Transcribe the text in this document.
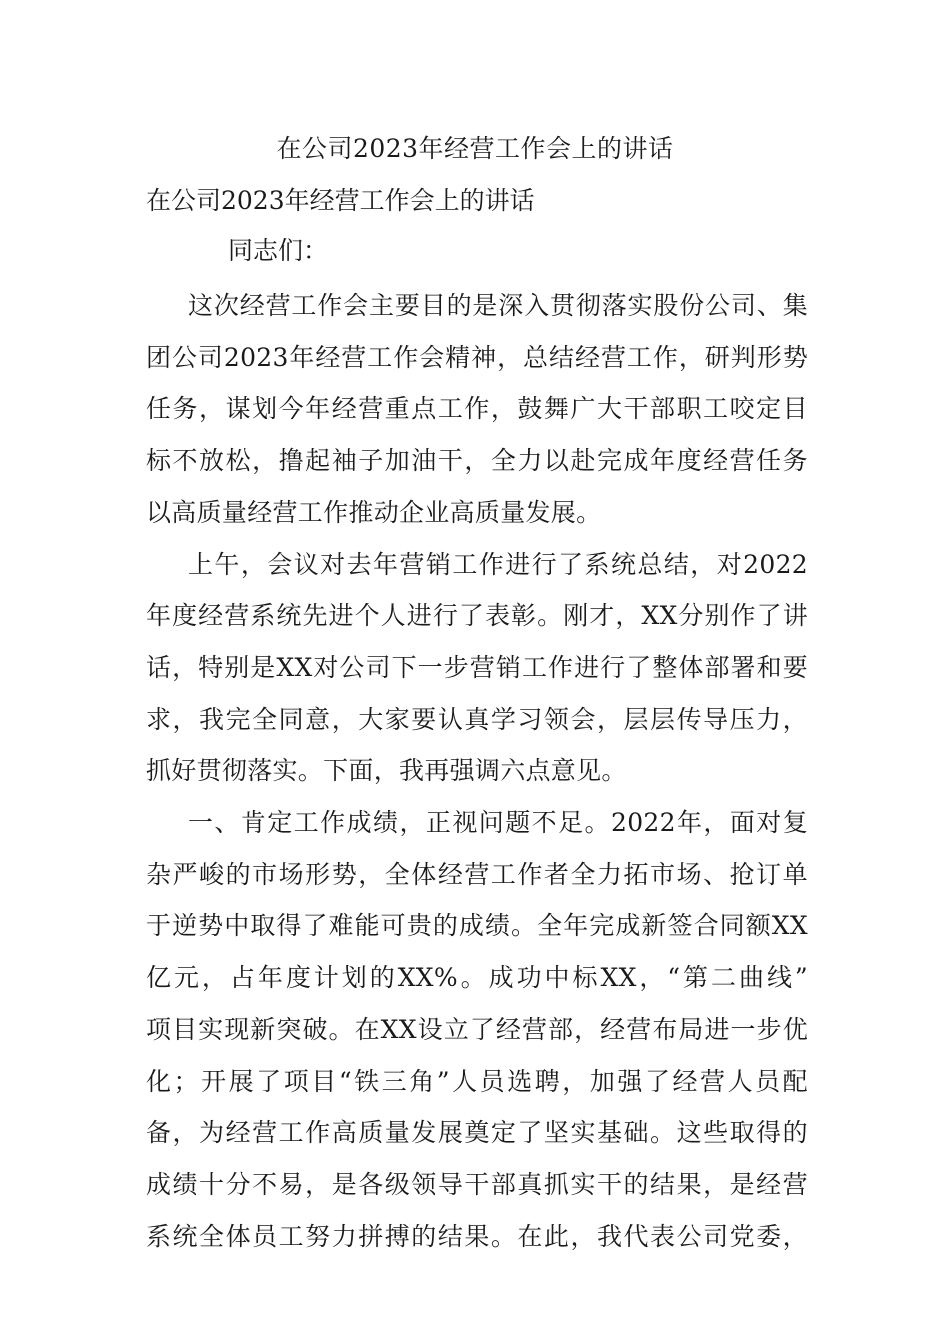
在公司2023年经营工作会上的讲话
在公司2023年经营工作会上的讲话

同志们：

这次经营工作会主要目的是深入贯彻落实股份公司、集
团公司2023年经营工作会精神，总结经营工作，研判形势
任务，谋划今年经营重点工作，鼓舞广大干部职工咬定目
标不放松，撸起袖子加油干，全力以赴完成年度经营任务
以高质量经营工作推动企业高质量发展。

上午，会议对去年营销工作进行了系统总结，对2022
年度经营系统先进个人进行了表彰。刚才，XX分别作了讲
话，特别是XX对公司下一步营销工作进行了整体部署和要
求，我完全同意，大家要认真学习领会，层层传导压力，
抓好贯彻落实。下面，我再强调六点意见。

一、肯定工作成绩，正视问题不足。2022年，面对复
杂严峻的市场形势，全体经营工作者全力拓市场、抢订单
于逆势中取得了难能可贵的成绩。全年完成新签合同额XX
亿元，占年度计划的XX%。成功中标XX，“第二曲线”
项目实现新突破。在XX设立了经营部，经营布局进一步优
化；开展了项目“铁三角”人员选聘，加强了经营人员配
备，为经营工作高质量发展奠定了坚实基础。这些取得的
成绩十分不易，是各级领导干部真抓实干的结果，是经营
系统全体员工努力拼搏的结果。在此，我代表公司党委，
